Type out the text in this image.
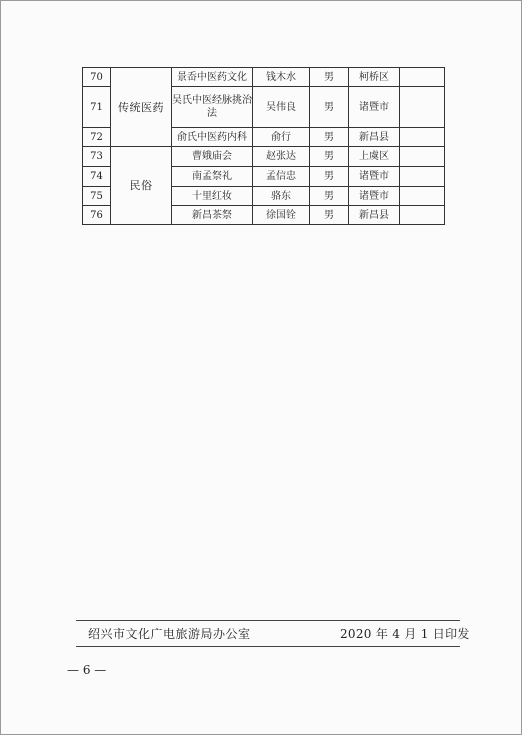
70	传统医药	景岙中医药文化	钱木水	男	柯桥区	
71		吴氏中医经脉挑治法	吴伟良	男	诸暨市	
72		俞氏中医药内科	俞行	男	新昌县	
73	民俗	曹娥庙会	赵张达	男	上虞区	
74		南孟祭礼	孟信忠	男	诸暨市	
75		十里红妆	骆东	男	诸暨市	
76		新昌茶祭	徐国铨	男	新昌县	
绍兴市文化广电旅游局办公室	2020 年 4 月 1 日印发
— 6 —
